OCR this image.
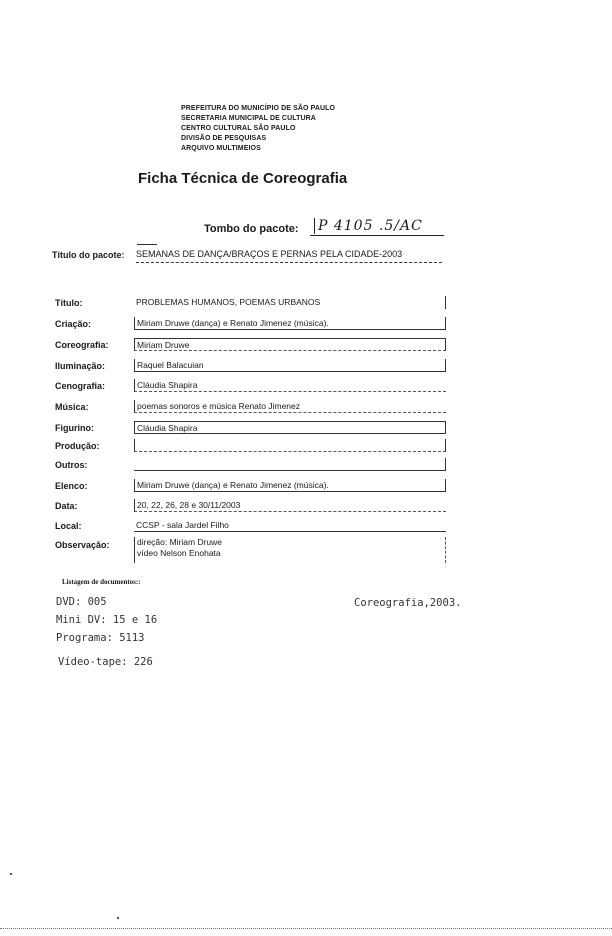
PREFEITURA DO MUNICÍPIO DE SÃO PAULO
SECRETARIA MUNICIPAL DE CULTURA
CENTRO CULTURAL SÃO PAULO
DIVISÃO DE PESQUISAS
ARQUIVO MULTIMEIOS
Ficha Técnica de Coreografia
Tombo do pacote:	P 4105 .5/AC
Título do pacote: SEMANAS DE DANÇA/BRAÇOS E PERNAS PELA CIDADE-2003
Título:	PROBLEMAS HUMANOS, POEMAS URBANOS
Criação:	Miriam Druwe (dança) e Renato Jimenez (música).
Coreografia:	Miriam Druwe
Iluminação:	Raquel Balacuian
Cenografia:	Cláudia Shapira
Música:	poemas sonoros e música Renato Jimenez
Figurino:	Cláudia Shapira
Produção:
Outros:
Elenco:	Miriam Druwe (dança) e Renato Jimenez (música).
Data:	20, 22, 26, 28 e 30/11/2003
Local:	CCSP - sala Jardel Filho
Observação:	direção: Miriam Druwe
vídeo Nelson Enohata
Listagem de documentos::
DVD: 005	Coreografia,2003.
Mini DV: 15 e 16
Programa: 5113
Vídeo-tape: 226
